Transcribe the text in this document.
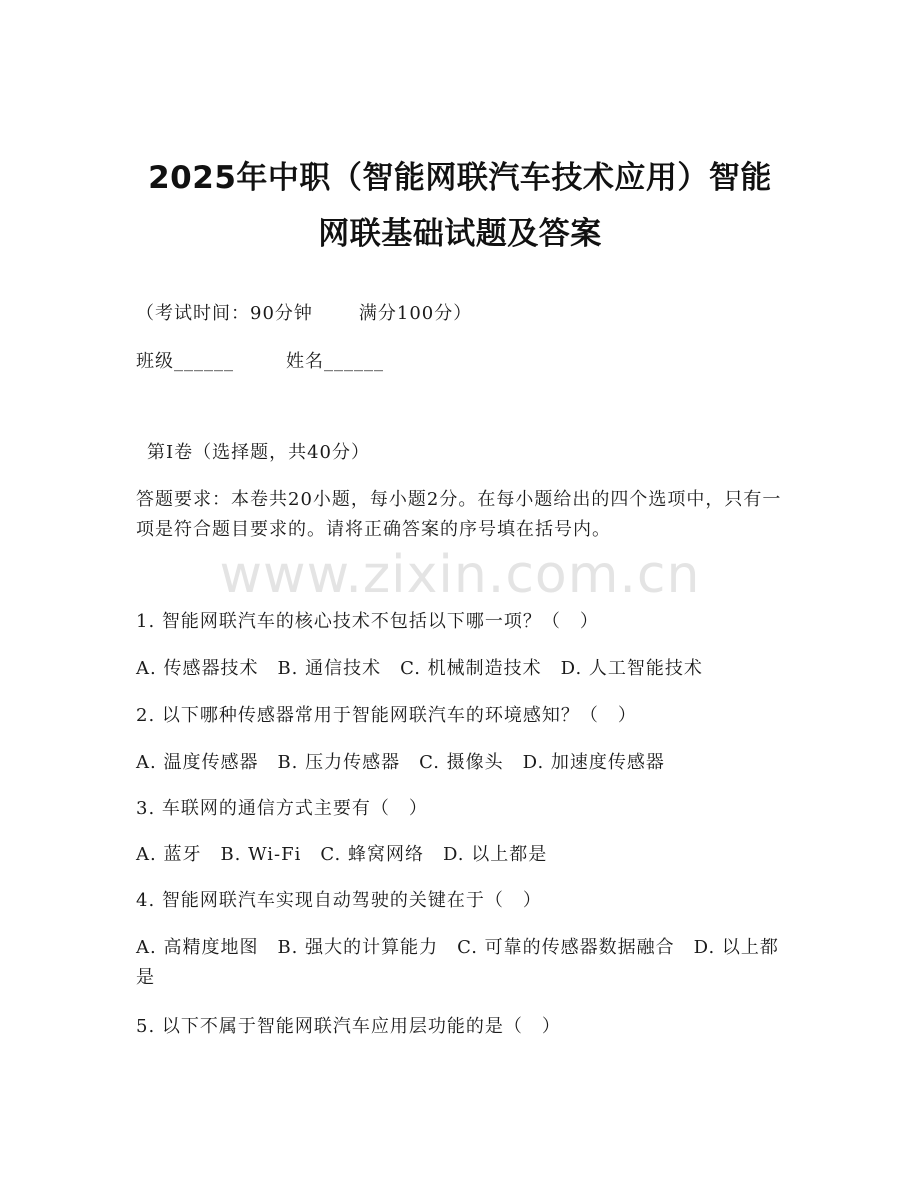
2025年中职（智能网联汽车技术应用）智能
网联基础试题及答案
（考试时间：90分钟	满分100分）
班级______	姓名______
第I卷（选择题，共40分）
答题要求：本卷共20小题，每小题2分。在每小题给出的四个选项中，只有一项是符合题目要求的。请将正确答案的序号填在括号内。
www.zixin.com.cn
1. 智能网联汽车的核心技术不包括以下哪一项？（　）
A. 传感器技术　B. 通信技术　C. 机械制造技术　D. 人工智能技术
2. 以下哪种传感器常用于智能网联汽车的环境感知？（　）
A. 温度传感器　B. 压力传感器　C. 摄像头　D. 加速度传感器
3. 车联网的通信方式主要有（　）
A. 蓝牙　B. Wi-Fi　C. 蜂窝网络　D. 以上都是
4. 智能网联汽车实现自动驾驶的关键在于（　）
A. 高精度地图　B. 强大的计算能力　C. 可靠的传感器数据融合　D. 以上都是
5. 以下不属于智能网联汽车应用层功能的是（　）
